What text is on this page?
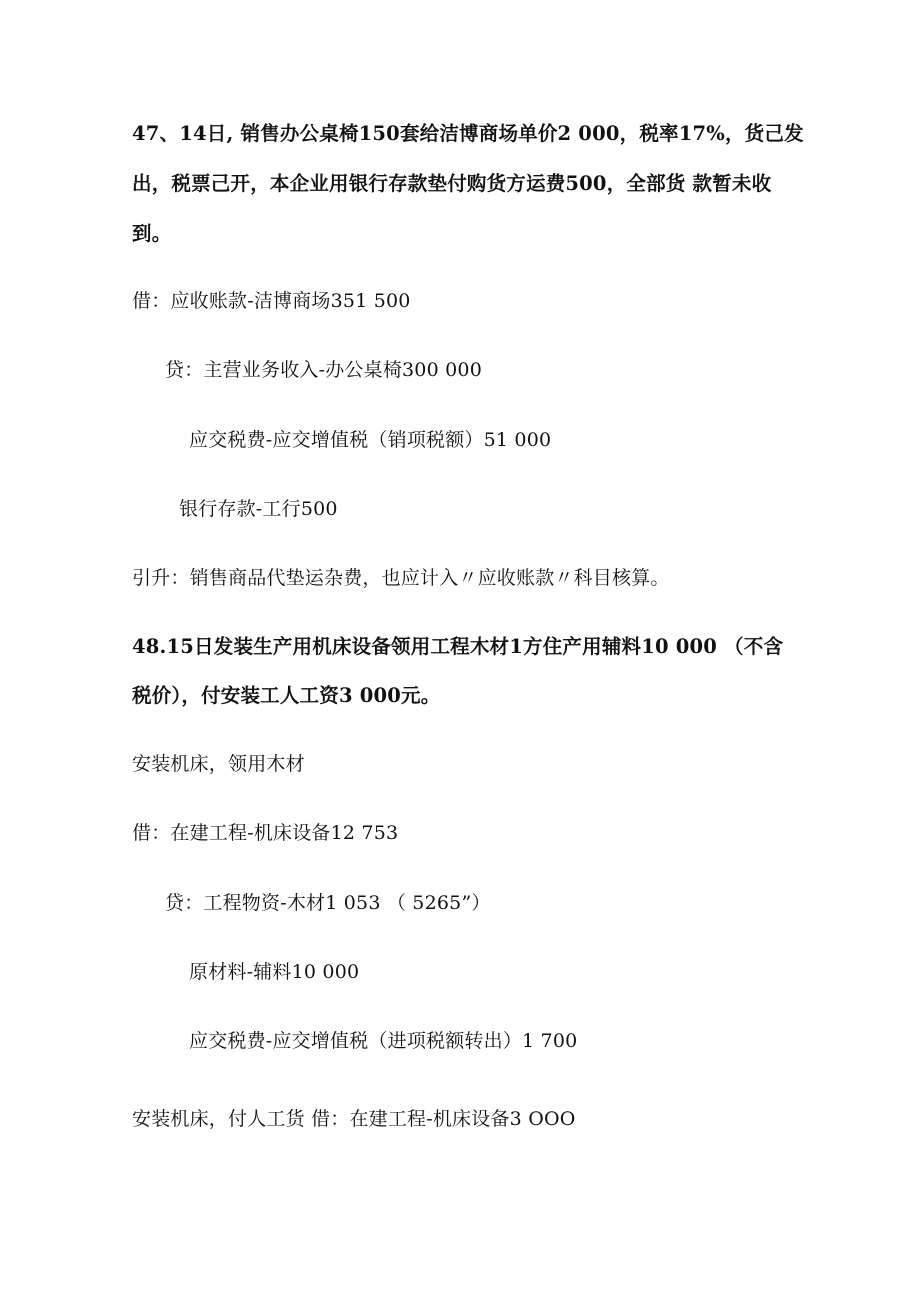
47、14日, 销售办公桌椅150套给洁博商场单价2 000，税率17%，货己发
出，税票己开，本企业用银行存款垫付购货方运费500，全部货 款暂未收
到。
借：应收账款-洁博商场351 500
贷：主营业务收入-办公桌椅300 000
应交税费-应交增值税（销项税额）51 000
银行存款-工行500
引升：销售商品代垫运杂费，也应计入〃应收账款〃科目核算。
48.15日发装生产用机床设备领用工程木材1方住产用辅料10 000 （不含
税价），付安装工人工资3 000元。
安装机床，领用木材
借：在建工程-机床设备12 753
贷：工程物资-木材1 053 （ 5265”）
原材料-辅料10 000
应交税费-应交增值税（进项税额转出）1 700
安装机床，付人工货 借：在建工程-机床设备3 OOO
